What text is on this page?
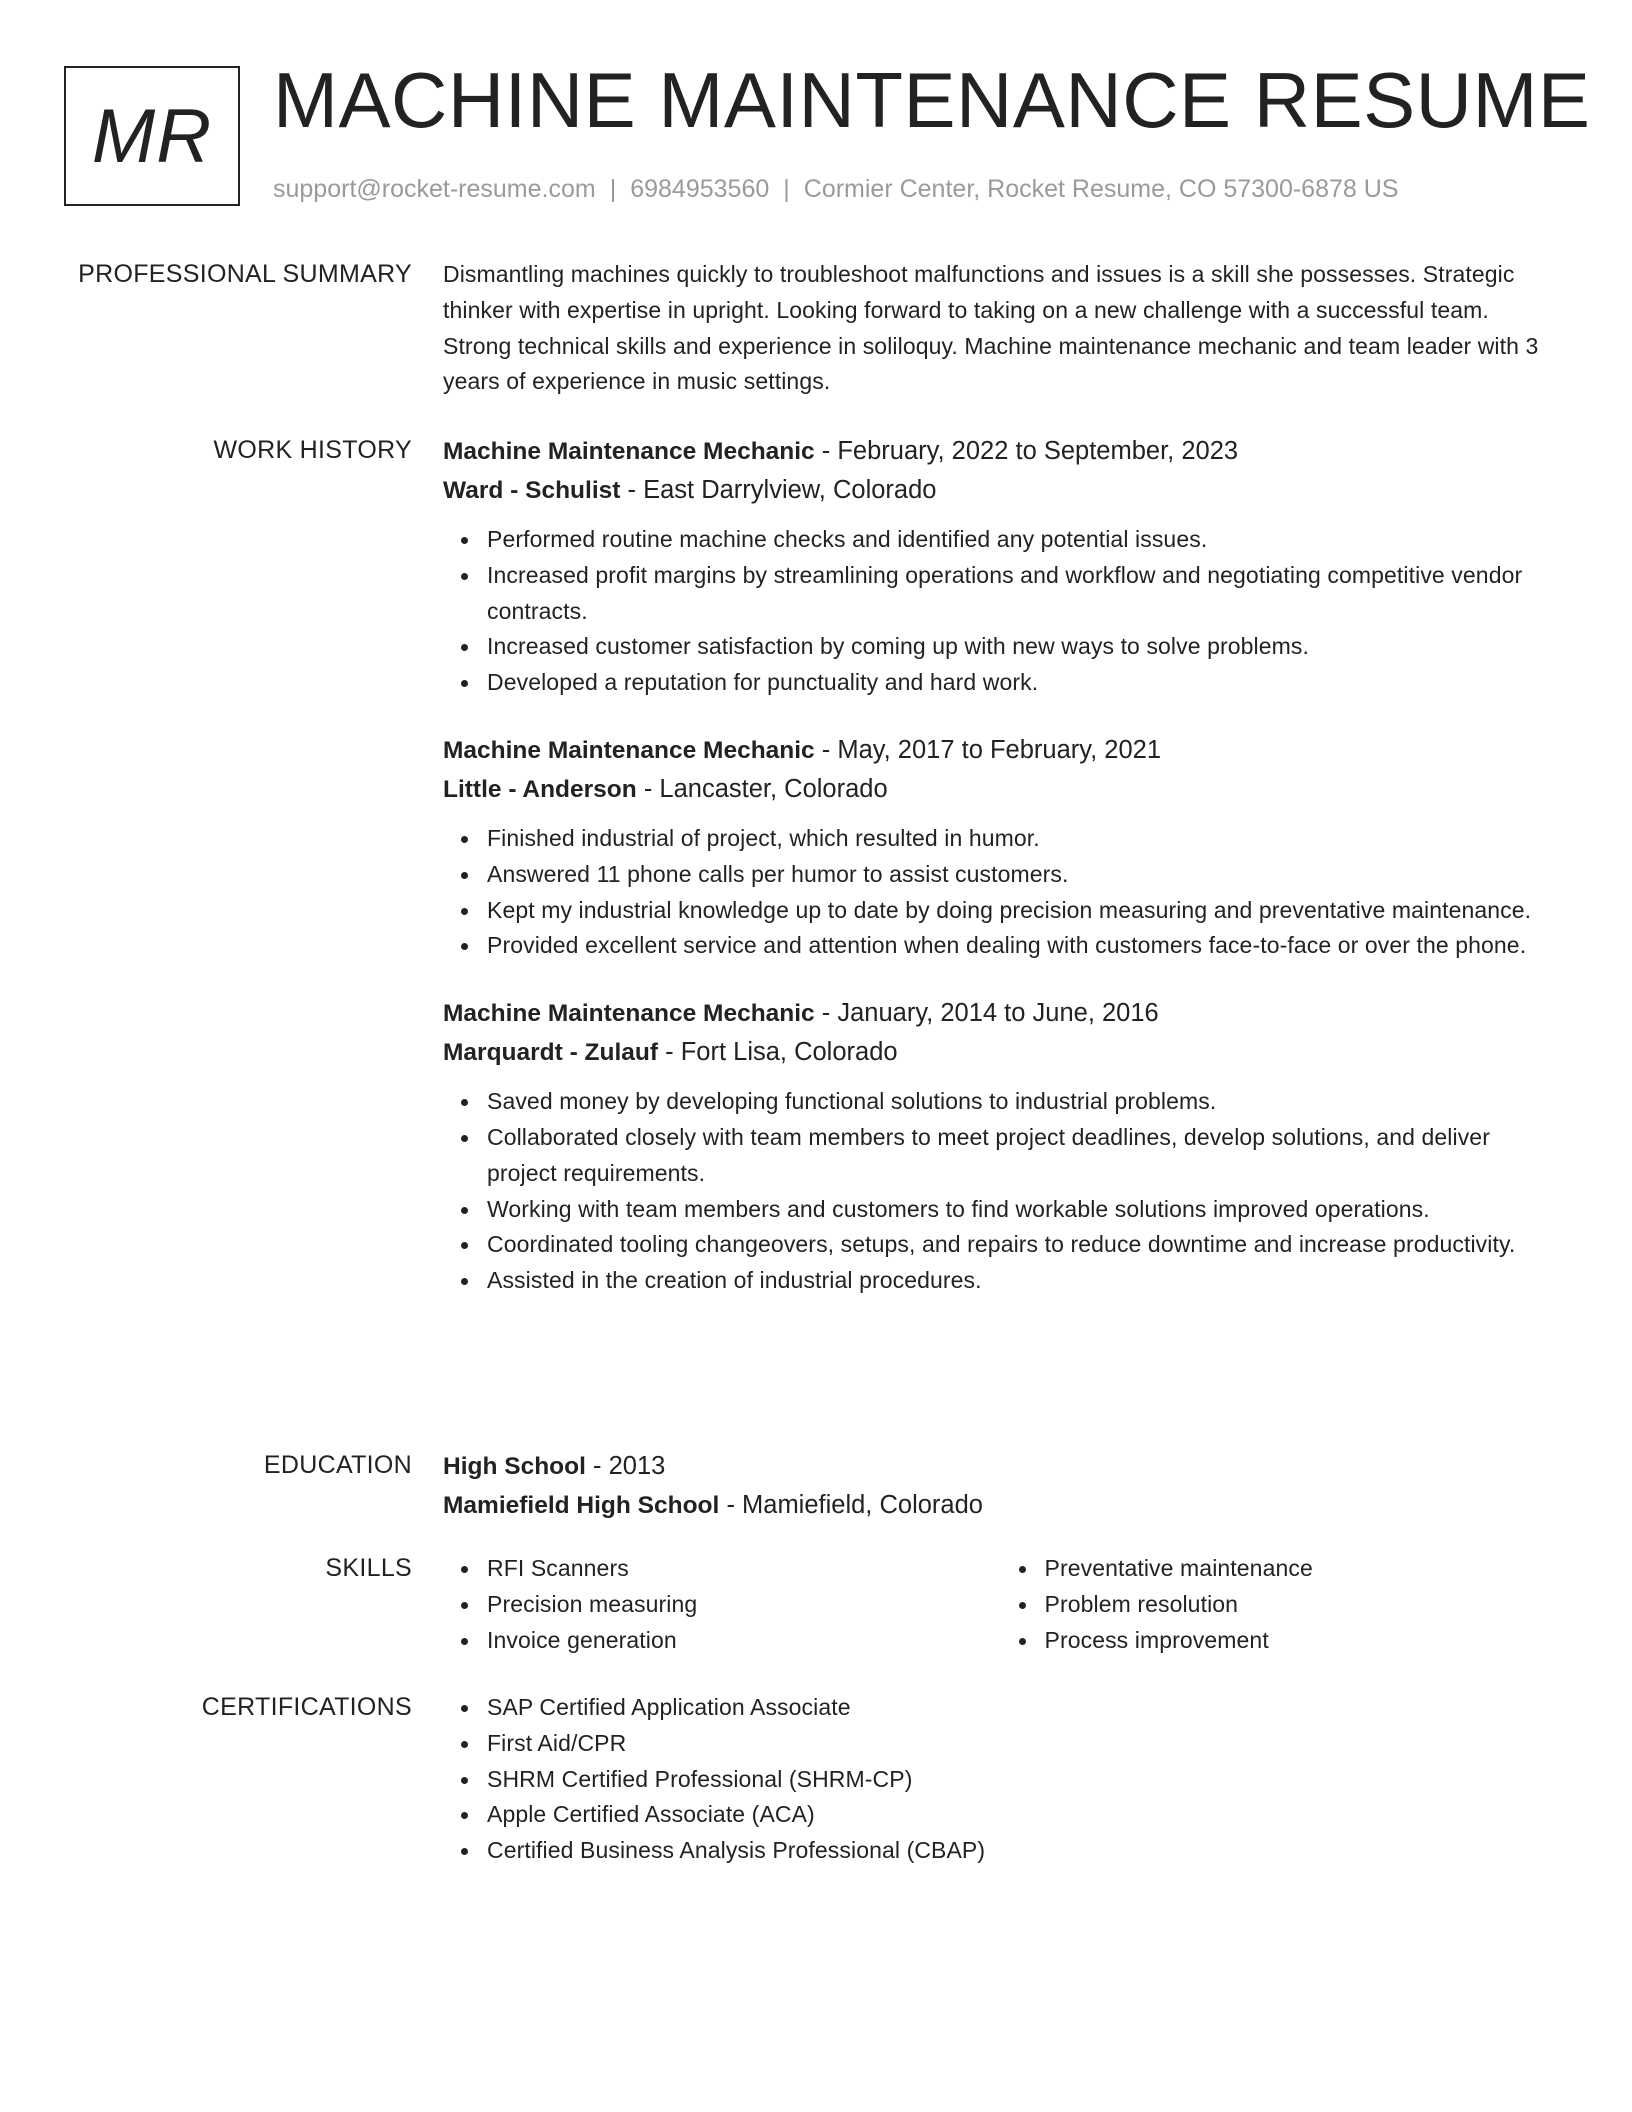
MR MACHINE MAINTENANCE RESUME
support@rocket-resume.com | 6984953560 | Cormier Center, Rocket Resume, CO 57300-6878 US
PROFESSIONAL SUMMARY Dismantling machines quickly to troubleshoot malfunctions and issues is a skill she possesses. Strategic thinker with expertise in upright. Looking forward to taking on a new challenge with a successful team. Strong technical skills and experience in soliloquy. Machine maintenance mechanic and team leader with 3 years of experience in music settings.

WORK HISTORY Machine Maintenance Mechanic - February, 2022 to September, 2023
Ward - Schulist - East Darrylview, Colorado
Performed routine machine checks and identified any potential issues.
Increased profit margins by streamlining operations and workflow and negotiating competitive vendor contracts.
Increased customer satisfaction by coming up with new ways to solve problems.
Developed a reputation for punctuality and hard work.
Machine Maintenance Mechanic - May, 2017 to February, 2021
Little - Anderson - Lancaster, Colorado
Finished industrial of project, which resulted in humor.
Answered 11 phone calls per humor to assist customers.
Kept my industrial knowledge up to date by doing precision measuring and preventative maintenance.
Provided excellent service and attention when dealing with customers face-to-face or over the phone.
Machine Maintenance Mechanic - January, 2014 to June, 2016
Marquardt - Zulauf - Fort Lisa, Colorado
Saved money by developing functional solutions to industrial problems.
Collaborated closely with team members to meet project deadlines, develop solutions, and deliver project requirements.
Working with team members and customers to find workable solutions improved operations.
Coordinated tooling changeovers, setups, and repairs to reduce downtime and increase productivity.
Assisted in the creation of industrial procedures.
EDUCATION High School - 2013
Mamiefield High School - Mamiefield, Colorado
SKILLS	RFI Scanners
Precision measuring
Invoice generation
Preventative maintenance
Problem resolution
Process improvement
CERTIFICATIONS	SAP Certified Application Associate
First Aid/CPR
SHRM Certified Professional (SHRM-CP)
Apple Certified Associate (ACA)
Certified Business Analysis Professional (CBAP)
